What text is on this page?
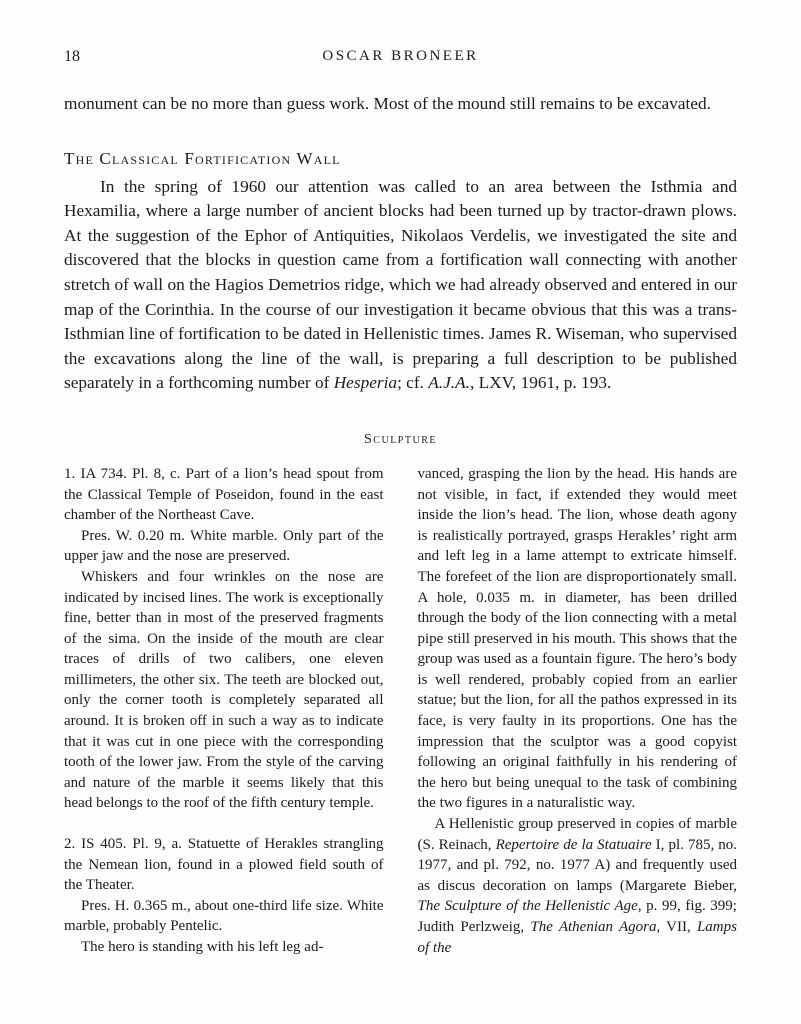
18	OSCAR BRONEER

monument can be no more than guess work. Most of the mound still remains to be excavated.

The Classical Fortification Wall

In the spring of 1960 our attention was called to an area between the Isthmia and Hexamilia, where a large number of ancient blocks had been turned up by tractor-drawn plows. At the suggestion of the Ephor of Antiquities, Nikolaos Verdelis, we investigated the site and discovered that the blocks in question came from a fortification wall connecting with another stretch of wall on the Hagios Demetrios ridge, which we had already observed and entered in our map of the Corinthia. In the course of our investigation it became obvious that this was a trans-Isthmian line of fortification to be dated in Hellenistic times. James R. Wiseman, who supervised the excavations along the line of the wall, is preparing a full description to be published separately in a forthcoming number of Hesperia; cf. A.J.A., LXV, 1961, p. 193.

Sculpture

1. IA 734. Pl. 8, c. Part of a lion’s head spout from the Classical Temple of Poseidon, found in the east chamber of the Northeast Cave.

Pres. W. 0.20 m. White marble. Only part of the upper jaw and the nose are preserved.

Whiskers and four wrinkles on the nose are indicated by incised lines. The work is exceptionally fine, better than in most of the preserved fragments of the sima. On the inside of the mouth are clear traces of drills of two calibers, one eleven millimeters, the other six. The teeth are blocked out, only the corner tooth is completely separated all around. It is broken off in such a way as to indicate that it was cut in one piece with the corresponding tooth of the lower jaw. From the style of the carving and nature of the marble it seems likely that this head belongs to the roof of the fifth century temple.

2. IS 405. Pl. 9, a. Statuette of Herakles strangling the Nemean lion, found in a plowed field south of the Theater.

Pres. H. 0.365 m., about one-third life size. White marble, probably Pentelic.

The hero is standing with his left leg ad-

vanced, grasping the lion by the head. His hands are not visible, in fact, if extended they would meet inside the lion’s head. The lion, whose death agony is realistically portrayed, grasps Herakles’ right arm and left leg in a lame attempt to extricate himself. The forefeet of the lion are disproportionately small. A hole, 0.035 m. in diameter, has been drilled through the body of the lion connecting with a metal pipe still preserved in his mouth. This shows that the group was used as a fountain figure. The hero’s body is well rendered, probably copied from an earlier statue; but the lion, for all the pathos expressed in its face, is very faulty in its proportions. One has the impression that the sculptor was a good copyist following an original faithfully in his rendering of the hero but being unequal to the task of combining the two figures in a naturalistic way.

A Hellenistic group preserved in copies of marble (S. Reinach, Repertoire de la Statuaire I, pl. 785, no. 1977, and pl. 792, no. 1977 A) and frequently used as discus decoration on lamps (Margarete Bieber, The Sculpture of the Hellenistic Age, p. 99, fig. 399; Judith Perlzweig, The Athenian Agora, VII, Lamps of the
